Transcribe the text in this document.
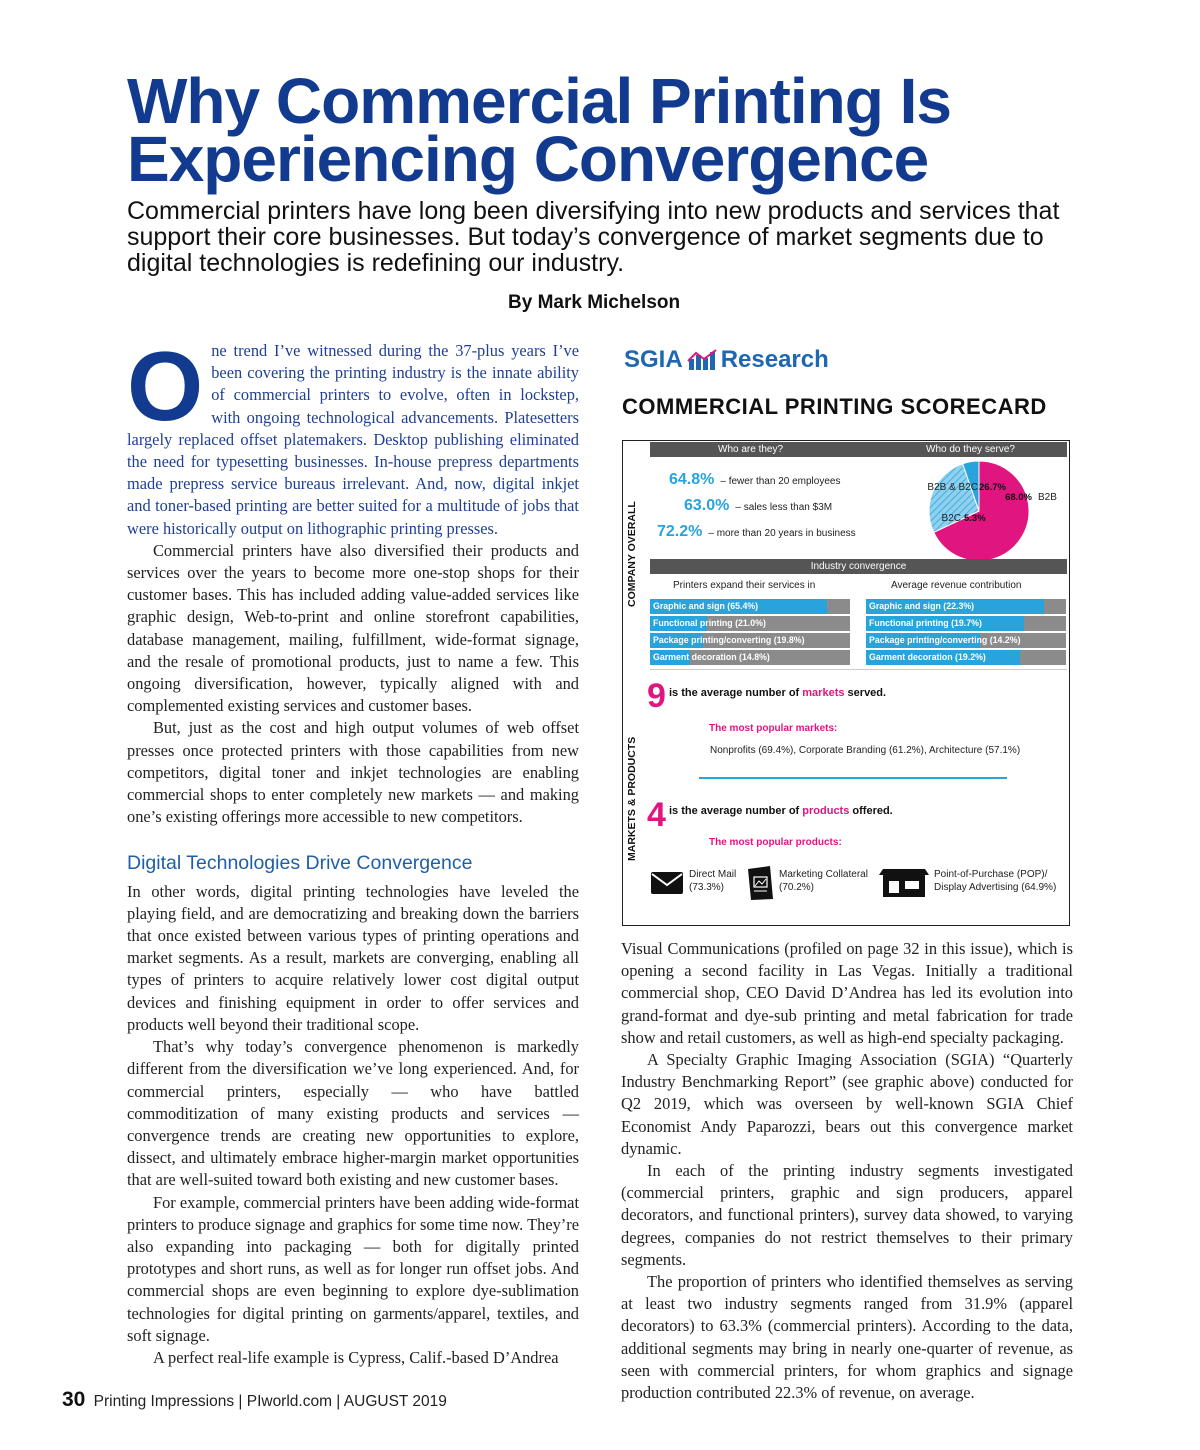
Why Commercial Printing Is
Experiencing Convergence

Commercial printers have long been diversifying into new products and services that support their core businesses. But today’s convergence of market segments due to digital technologies is redefining our industry.

By Mark Michelson

One trend I’ve witnessed during the 37-plus years I’ve been covering the printing industry is the innate ability of commercial printers to evolve, often in lockstep, with ongoing technological advancements. Platesetters largely replaced offset platemakers. Desktop publishing eliminated the need for typesetting businesses. In-house prepress departments made prepress service bureaus irrelevant. And, now, digital inkjet and toner-based printing are better suited for a multitude of jobs that were historically output on lithographic printing presses.

Commercial printers have also diversified their products and services over the years to become more one-stop shops for their customer bases. This has included adding value-added services like graphic design, Web-to-print and online storefront capabilities, database management, mailing, fulfillment, wide-format signage, and the resale of promotional products, just to name a few. This ongoing diversification, however, typically aligned with and complemented existing services and customer bases.

But, just as the cost and high output volumes of web offset presses once protected printers with those capabilities from new competitors, digital toner and inkjet technologies are enabling commercial shops to enter completely new markets — and making one’s existing offerings more accessible to new competitors.

Digital Technologies Drive Convergence

In other words, digital printing technologies have leveled the playing field, and are democratizing and breaking down the barriers that once existed between various types of printing operations and market segments. As a result, markets are converging, enabling all types of printers to acquire relatively lower cost digital output devices and finishing equipment in order to offer services and products well beyond their traditional scope.

That’s why today’s convergence phenomenon is markedly different from the diversification we’ve long experienced. And, for commercial printers, especially — who have battled commoditization of many existing products and services — convergence trends are creating new opportunities to explore, dissect, and ultimately embrace higher-margin market opportunities that are well-suited toward both existing and new customer bases.

For example, commercial printers have been adding wide-format printers to produce signage and graphics for some time now. They’re also expanding into packaging — both for digitally printed prototypes and short runs, as well as for longer run offset jobs. And commercial shops are even beginning to explore dye-sublimation technologies for digital printing on garments/apparel, textiles, and soft signage.

A perfect real-life example is Cypress, Calif.-based D’Andrea

SGIA Research
COMMERCIAL PRINTING SCORECARD
COMPANY OVERALL
MARKETS & PRODUCTS
Who are they?	Who do they serve?
64.8% – fewer than 20 employees
63.0% – sales less than $3M
72.2% – more than 20 years in business
B2B & B2C 26.7%
B2C 5.3%
68.0% B2B
Industry convergence
Printers expand their services in	Average revenue contribution
Graphic and sign (65.4%)
Functional printing (21.0%)
Package printing/converting (19.8%)
Garment decoration (14.8%)
Graphic and sign (22.3%)
Functional printing (19.7%)
Package printing/converting (14.2%)
Garment decoration (19.2%)
9 is the average number of markets served.
The most popular markets:
Nonprofits (69.4%), Corporate Branding (61.2%), Architecture (57.1%)
4 is the average number of products offered.
The most popular products:
Direct Mail
(73.3%)
Marketing Collateral
(70.2%)
Point-of-Purchase (POP)/
Display Advertising (64.9%)

Visual Communications (profiled on page 32 in this issue), which is opening a second facility in Las Vegas. Initially a traditional commercial shop, CEO David D’Andrea has led its evolution into grand-format and dye-sub printing and metal fabrication for trade show and retail customers, as well as high-end specialty packaging.

A Specialty Graphic Imaging Association (SGIA) “Quarterly Industry Benchmarking Report” (see graphic above) conducted for Q2 2019, which was overseen by well-known SGIA Chief Economist Andy Paparozzi, bears out this convergence market dynamic.

In each of the printing industry segments investigated (commercial printers, graphic and sign producers, apparel decorators, and functional printers), survey data showed, to varying degrees, companies do not restrict themselves to their primary segments.

The proportion of printers who identified themselves as serving at least two industry segments ranged from 31.9% (apparel decorators) to 63.3% (commercial printers). According to the data, additional segments may bring in nearly one-quarter of revenue, as seen with commercial printers, for whom graphics and signage production contributed 22.3% of revenue, on average.

30 Printing Impressions | PIworld.com | AUGUST 2019
